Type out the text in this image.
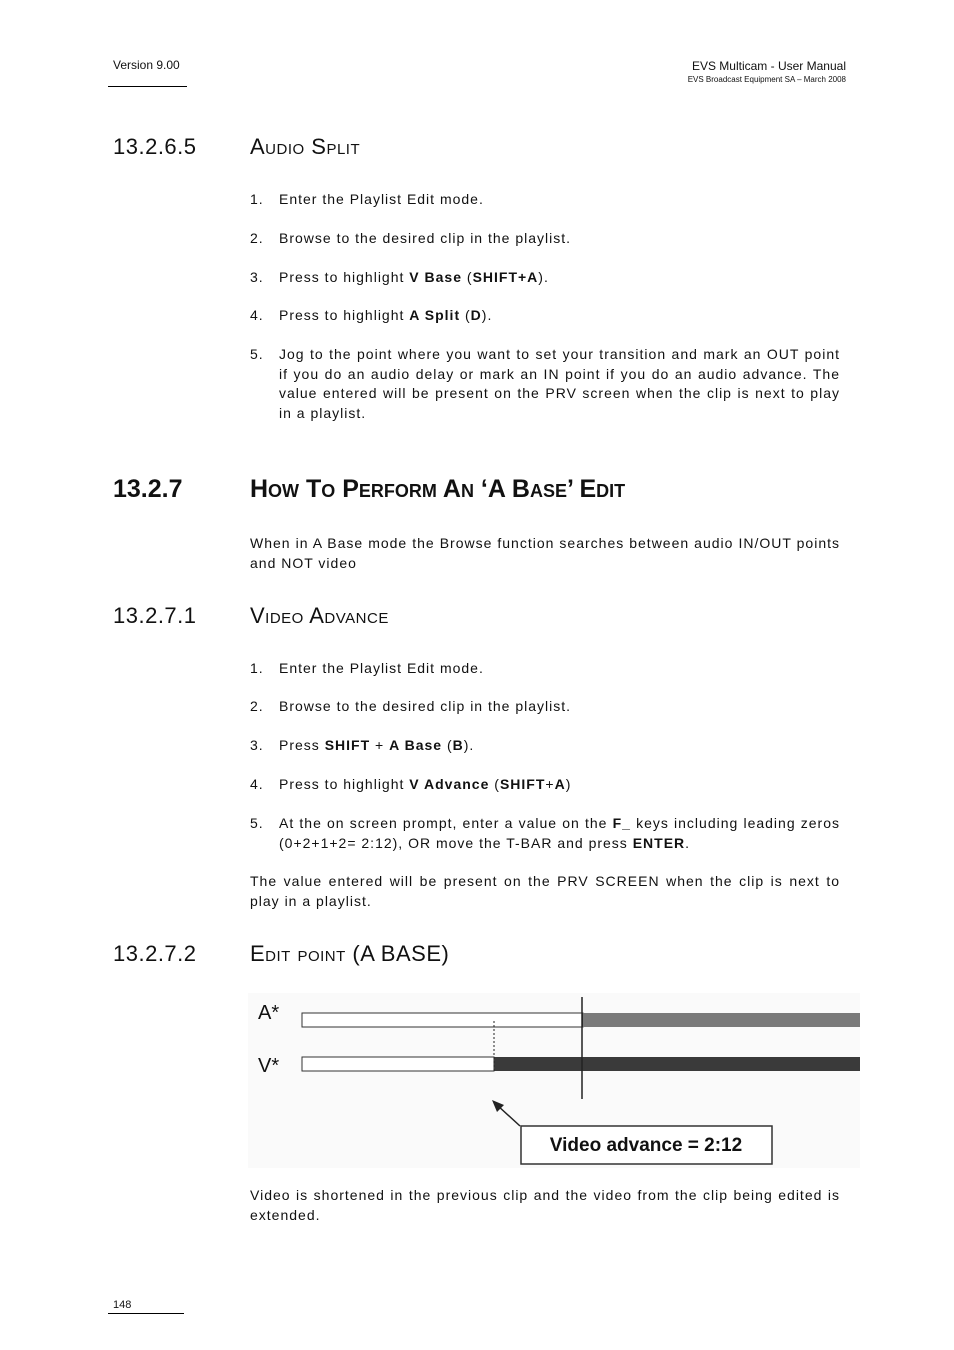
Version 9.00	EVS Multicam - User Manual
EVS Broadcast Equipment SA – March 2008
13.2.6.5 Audio Split
1. Enter the Playlist Edit mode.
2. Browse to the desired clip in the playlist.
3. Press to highlight V Base (SHIFT+A).
4. Press to highlight A Split (D).
5. Jog to the point where you want to set your transition and mark an OUT point if you do an audio delay or mark an IN point if you do an audio advance. The value entered will be present on the PRV screen when the clip is next to play in a playlist.
13.2.7	How To Perform An ‘A Base’ Edit
When in A Base mode the Browse function searches between audio IN/OUT points and NOT video
13.2.7.1 Video Advance
1. Enter the Playlist Edit mode.
2. Browse to the desired clip in the playlist.
3. Press SHIFT + A Base (B).
4. Press to highlight V Advance (SHIFT+A)
5. At the on screen prompt, enter a value on the F_ keys including leading zeros (0+2+1+2= 2:12), OR move the T-BAR and press ENTER.
The value entered will be present on the PRV SCREEN when the clip is next to play in a playlist.
13.2.7.2 Edit point (A BASE)
A*
V*
Video advance = 2:12
Video is shortened in the previous clip and the video from the clip being edited is extended.
148
